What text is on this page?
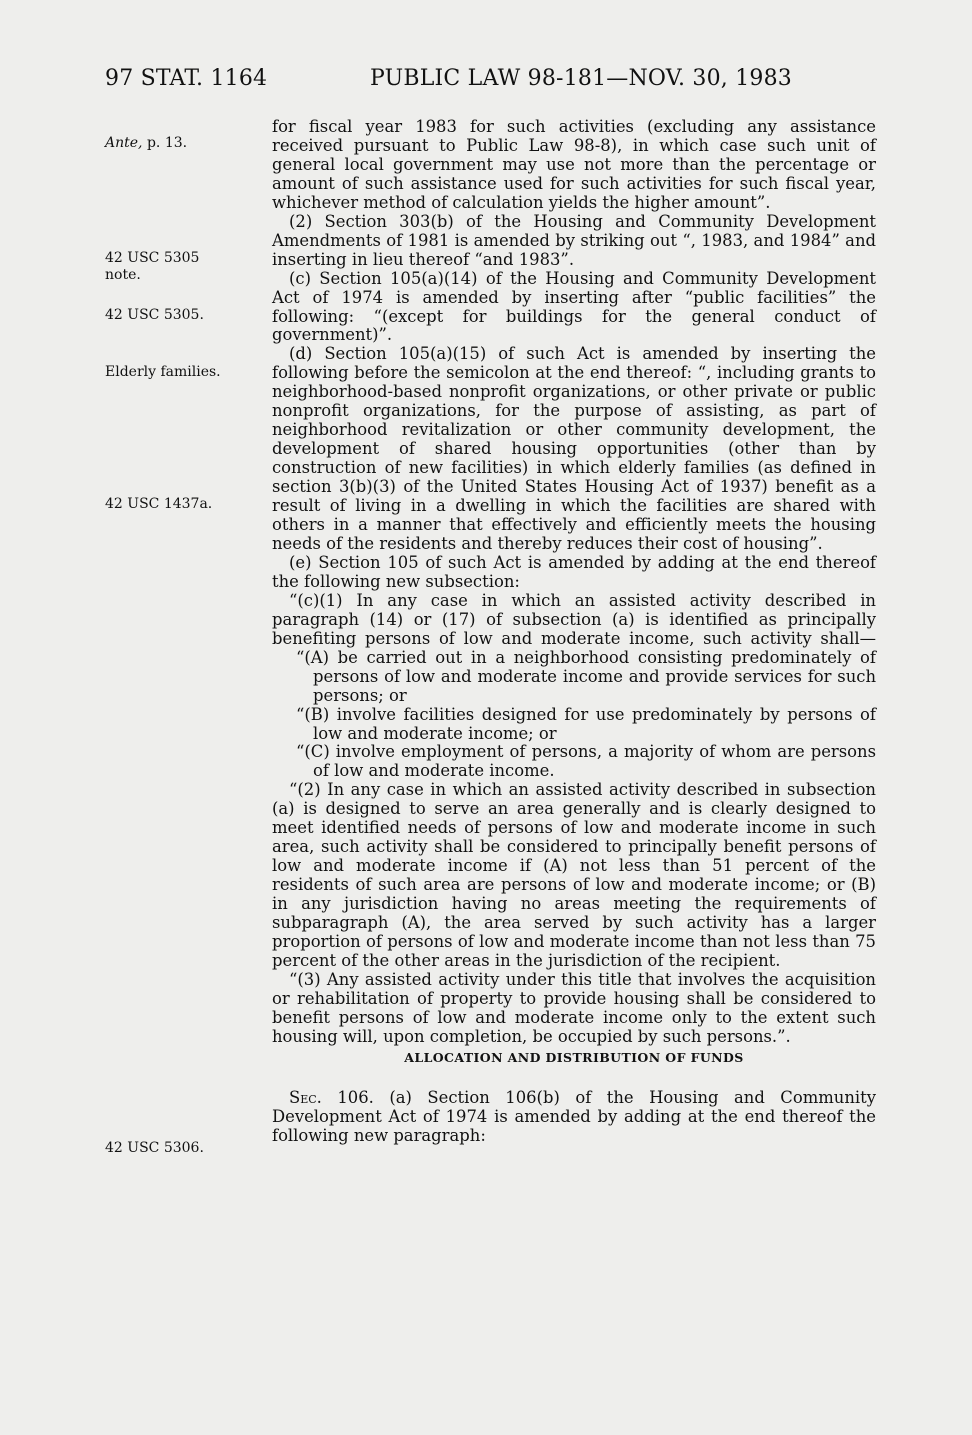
97 STAT. 1164	PUBLIC LAW 98-181—NOV. 30, 1983
Ante, p. 13.
42 USC 5305
note.
42 USC 5305.
Elderly families.
42 USC 1437a.
42 USC 5306.

for fiscal year 1983 for such activities (excluding any assistance received pursuant to Public Law 98-8), in which case such unit of general local government may use not more than the percentage or amount of such assistance used for such activities for such fiscal year, whichever method of calculation yields the higher amount”.

(2) Section 303(b) of the Housing and Community Development Amendments of 1981 is amended by striking out “, 1983, and 1984” and inserting in lieu thereof “and 1983”.

(c) Section 105(a)(14) of the Housing and Community Development Act of 1974 is amended by inserting after “public facilities” the following: “(except for buildings for the general conduct of government)”.

(d) Section 105(a)(15) of such Act is amended by inserting the following before the semicolon at the end thereof: “, including grants to neighborhood-based nonprofit organizations, or other private or public nonprofit organizations, for the purpose of assisting, as part of neighborhood revitalization or other community development, the development of shared housing opportunities (other than by construction of new facilities) in which elderly families (as defined in section 3(b)(3) of the United States Housing Act of 1937) benefit as a result of living in a dwelling in which the facilities are shared with others in a manner that effectively and efficiently meets the housing needs of the residents and thereby reduces their cost of housing”.

(e) Section 105 of such Act is amended by adding at the end thereof the following new subsection:

“(c)(1) In any case in which an assisted activity described in paragraph (14) or (17) of subsection (a) is identified as principally benefiting persons of low and moderate income, such activity shall—

“(A) be carried out in a neighborhood consisting predominately of persons of low and moderate income and provide services for such persons; or

“(B) involve facilities designed for use predominately by persons of low and moderate income; or

“(C) involve employment of persons, a majority of whom are persons of low and moderate income.

“(2) In any case in which an assisted activity described in subsection (a) is designed to serve an area generally and is clearly designed to meet identified needs of persons of low and moderate income in such area, such activity shall be considered to principally benefit persons of low and moderate income if (A) not less than 51 percent of the residents of such area are persons of low and moderate income; or (B) in any jurisdiction having no areas meeting the requirements of subparagraph (A), the area served by such activity has a larger proportion of persons of low and moderate income than not less than 75 percent of the other areas in the jurisdiction of the recipient.

“(3) Any assisted activity under this title that involves the acquisition or rehabilitation of property to provide housing shall be considered to benefit persons of low and moderate income only to the extent such housing will, upon completion, be occupied by such persons.”.

ALLOCATION AND DISTRIBUTION OF FUNDS

Sec. 106. (a) Section 106(b) of the Housing and Community Development Act of 1974 is amended by adding at the end thereof the following new paragraph:
